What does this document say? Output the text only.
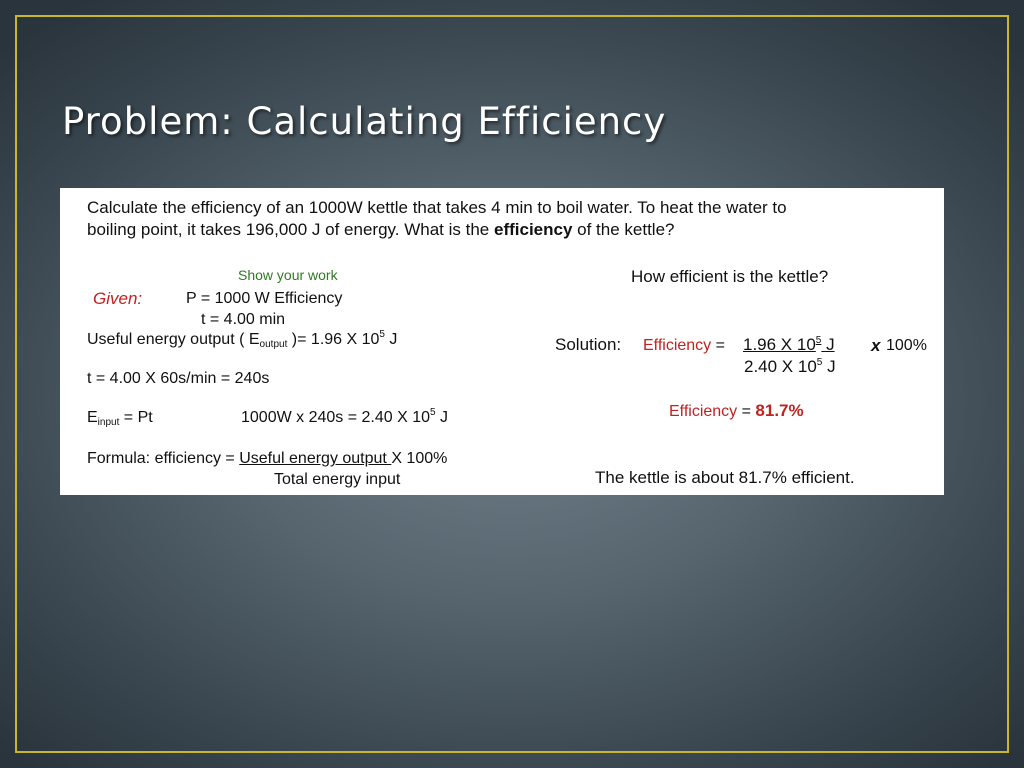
Problem: Calculating Efficiency
Calculate the efficiency of an 1000W kettle that takes 4 min to boil water. To heat the water to
boiling point, it takes 196,000 J of energy. What is the efficiency of the kettle?
Show your work
Given:	P = 1000 W Efficiency
t = 4.00 min
Useful energy output ( $E_{output}$ )= 1.96 X $10^5$ J
t = 4.00 X 60s/min = 240s
$E_{input} = Pt$	1000W x 240s = 2.40 X $10^5$ J
Formula: efficiency = Useful energy output X 100%
Total energy input
How efficient is the kettle?
Solution: Efficiency = 1.96 X $10^5$ J x 100%
2.40 X $10^5$ J
Efficiency = 81.7%
The kettle is about 81.7% efficient.
